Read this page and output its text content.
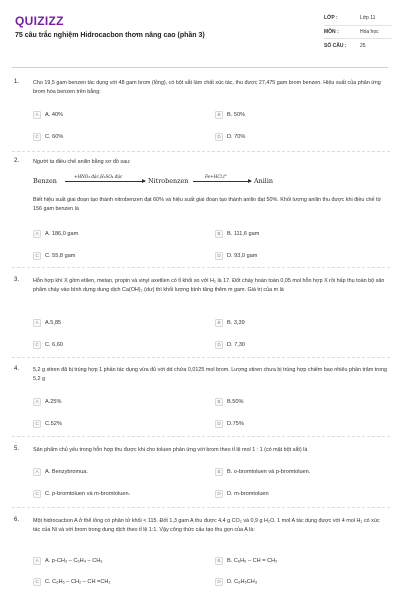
QUIZIZZ
75 câu trắc nghiệm Hidrocacbon thơm nâng cao (phần 3)
LỚP :	Lớp 11
MÔN :	Hóa học
SỐ CÂU :	25
1.	Cho 19,5 gam benzen tác dụng với 48 gam brom (lỏng), có bột sắt làm chất xúc tác, thu được 27,475 gam brom benzen. Hiệu suất của phản ứng brom hóa benzen trên bằng:
A	A. 40%	B	B. 50%
C	C. 60%	D	D. 70%
2.	Người ta điều chế anilin bằng sơ đồ sau:
Benzen
+HNO₃ đặc,H₂SO₄ đặc
Nitrobenzen
Fe+HCl,t°
Anilin
Biết hiệu suất giai đoạn tạo thành nitrobenzen đạt 60% và hiệu suất giai đoạn tạo thành anilin đạt 50%. Khối lượng anilin thu được khi điều chế từ 156 gam benzen là
A	A. 186,0 gam	B	B. 111,6 gam
C	C. 55,8 gam	D	D. 93,0 gam
3.	Hỗn hợp khí X gồm etilen, metan, propin và vinyl axetilen có tỉ khối so với H₂ là 17. Đốt cháy hoàn toàn 0,05 mol hỗn hợp X rồi hấp thụ toàn bộ sản phẩm cháy vào bình dựng dung dịch Ca(OH)₂ (dư) thì khối lượng bình tăng thêm m gam. Giá trị của m là
A	A.5,85	B	B. 3,39
C	C. 6,60	D	D. 7,30
4.	5,2 g stiren đã bị trùng hợp 1 phần tác dụng vừa đủ với dd chứa 0,0125 mol brom. Lượng stiren chưa bị trùng hợp chiếm bao nhiêu phần trăm trong 5,2 g
A	A.25%	B	B.50%
C	C.52%	D	D.75%
5.	Sản phẩm chủ yếu trong hỗn hợp thu được khi cho toluen phản ứng với brom theo tỉ lệ mol 1 : 1 (có mặt bột sắt) là
A	A. Benzybromua.	B	B. o-bromtoluen và p-bromtoluen.
C	C. p-bromtoluen và m-bromtoluen.	D	D. m-bromtoluen
6.	Một hidrocacbon A ở thể lỏng có phân tử khối < 115. Đốt 1,3 gam A thu được 4,4 g CO₂ và 0,9 g H₂O. 1 mol A tác dụng được với 4 mol H₂ có xúc tác của Ni và với brom trong dung dịch theo tỉ lệ 1:1. Vậy công thức cấu tạo thu gọn của A là:
A	A. p-CH₃ – C₆H₄ – CH₃	B	B. C₆H₅ – CH = CH₂
C	C. C₆H₅ – CH₂ – CH =CH₂	D	D. C₆H₅CH₃
